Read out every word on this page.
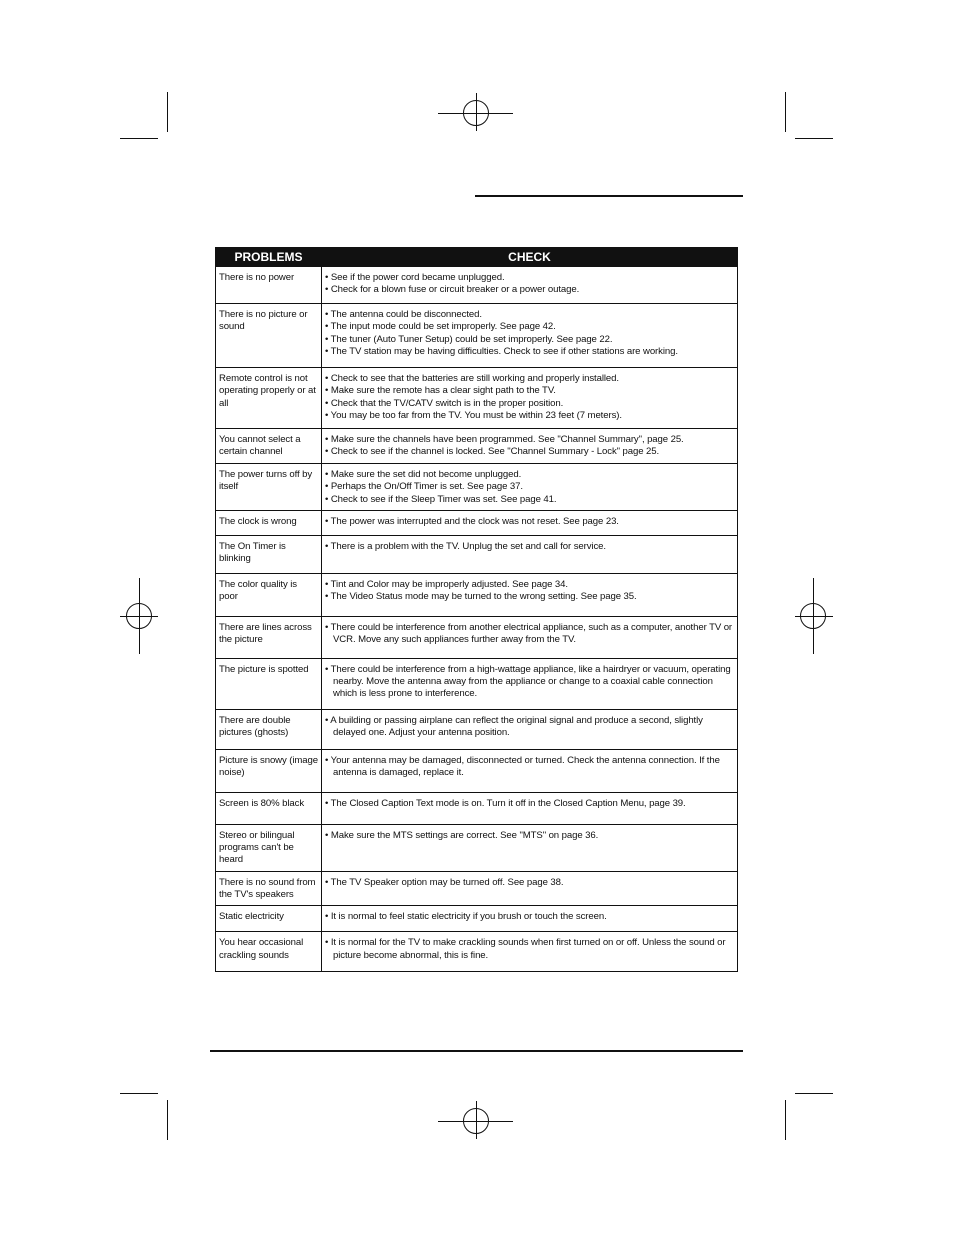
PROBLEMS	CHECK
There is no power	• See if the power cord became unplugged.
• Check for a blown fuse or circuit breaker or a power outage.

There is no picture or sound	• The antenna could be disconnected.
• The input mode could be set improperly. See page 42.
• The tuner (Auto Tuner Setup) could be set improperly. See page 22.
• The TV station may be having difficulties. Check to see if other stations are working.

Remote control is not operating properly or at all	• Check to see that the batteries are still working and properly installed.
• Make sure the remote has a clear sight path to the TV.
• Check that the TV/CATV switch is in the proper position.
• You may be too far from the TV. You must be within 23 feet (7 meters).

You cannot select a certain channel	• Make sure the channels have been programmed. See "Channel Summary", page 25.
• Check to see if the channel is locked. See "Channel Summary - Lock" page 25.

The power turns off by itself	• Make sure the set did not become unplugged.
• Perhaps the On/Off Timer is set. See page 37.
• Check to see if the Sleep Timer was set. See page 41.

The clock is wrong	• The power was interrupted and the clock was not reset. See page 23.

The On Timer is blinking	• There is a problem with the TV. Unplug the set and call for service.

The color quality is poor	• Tint and Color may be improperly adjusted. See page 34.
• The Video Status mode may be turned to the wrong setting. See page 35.

There are lines across the picture	• There could be interference from another electrical appliance, such as a computer, another TV or VCR. Move any such appliances further away from the TV.

The picture is spotted	• There could be interference from a high-wattage appliance, like a hairdryer or vacuum, operating nearby. Move the antenna away from the appliance or change to a coaxial cable connection which is less prone to interference.

There are double pictures (ghosts)	• A building or passing airplane can reflect the original signal and produce a second, slightly delayed one. Adjust your antenna position.

Picture is snowy (image noise)	• Your antenna may be damaged, disconnected or turned. Check the antenna connection. If the antenna is damaged, replace it.

Screen is 80% black	• The Closed Caption Text mode is on. Turn it off in the Closed Caption Menu, page 39.

Stereo or bilingual programs can't be heard	• Make sure the MTS settings are correct. See "MTS" on page 36.

There is no sound from the TV's speakers	• The TV Speaker option may be turned off. See page 38.

Static electricity	• It is normal to feel static electricity if you brush or touch the screen.

You hear occasional crackling sounds	• It is normal for the TV to make crackling sounds when first turned on or off. Unless the sound or picture become abnormal, this is fine.
